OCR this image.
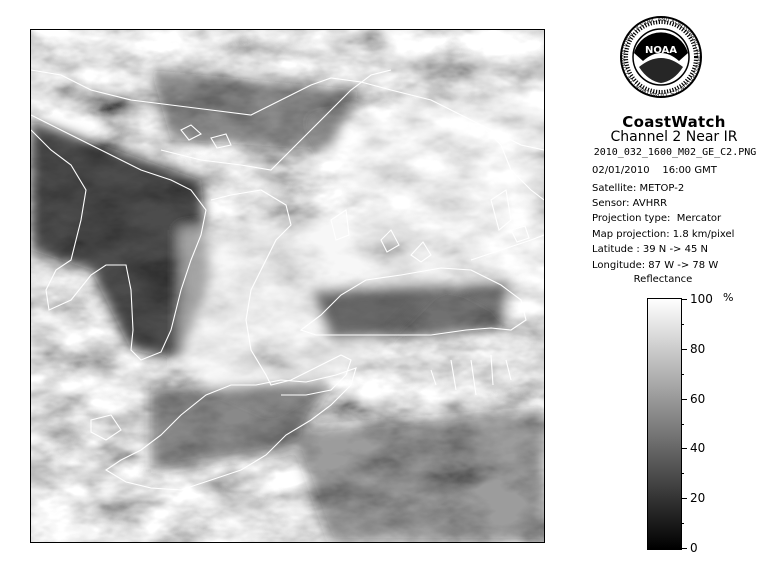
NOAA
NATIONAL OCEANIC AND ATMOSPHERIC ADMINISTRATION U.S. DEPARTMENT OF COMM
CoastWatch
Channel 2 Near IR
2010_032_1600_M02_GE_C2.PNG
02/01/2010    16:00 GMT
Satellite: METOP-2
Sensor: AVHRR
Projection type:  Mercator
Map projection: 1.8 km/pixel
Latitude : 39 N -> 45 N
Longitude: 87 W -> 78 W
Reflectance
%
100
80
60
40
20
0
